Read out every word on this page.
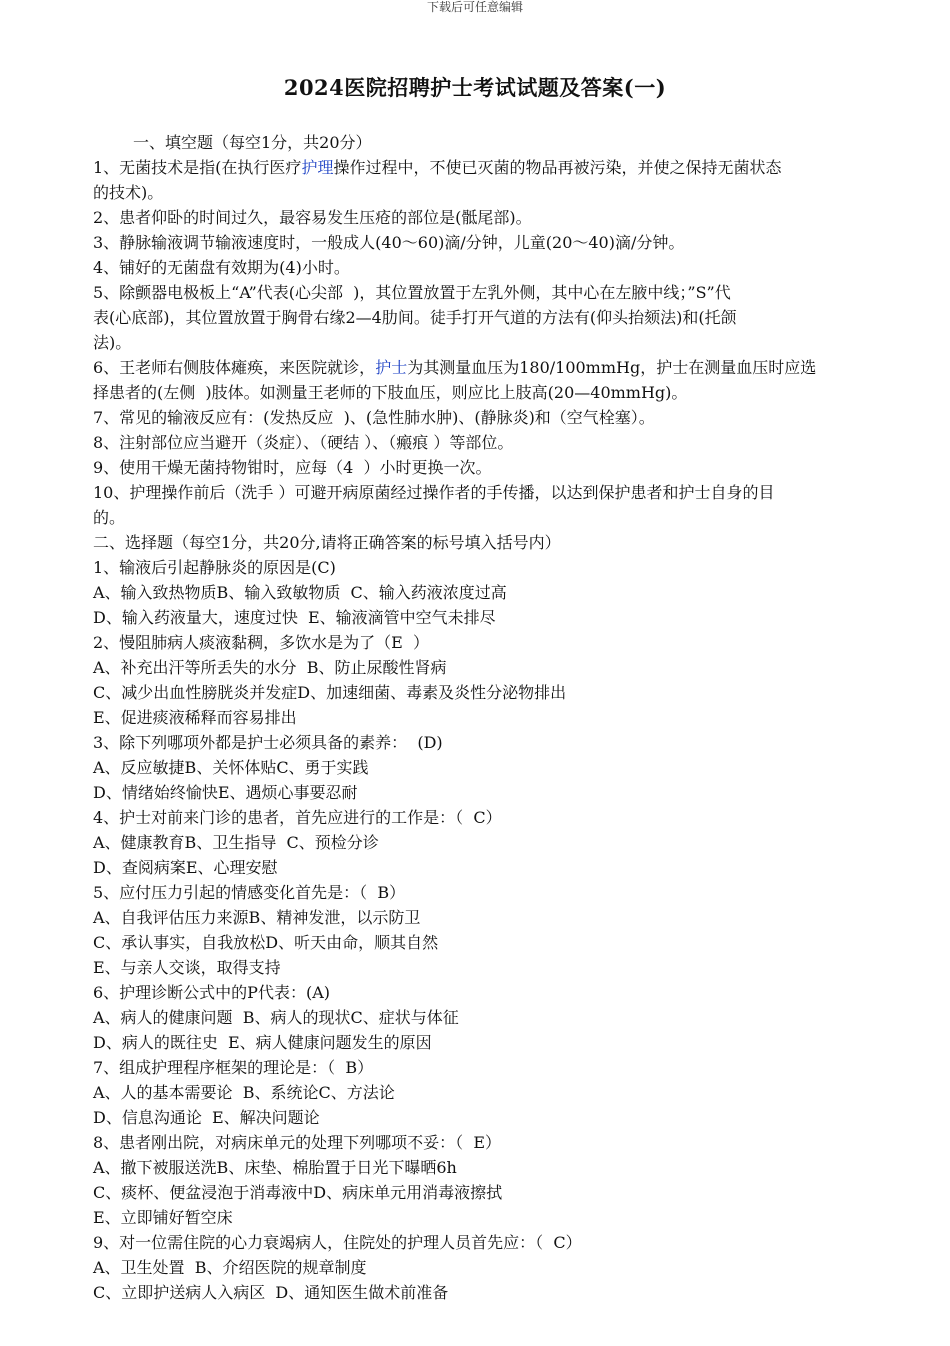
下载后可任意编辑
2024医院招聘护士考试试题及答案(一)
一、填空题（每空1分，共20分）
1、无菌技术是指(在执行医疗护理操作过程中，不使已灭菌的物品再被污染，并使之保持无菌状态
的技术)。
2、患者仰卧的时间过久，最容易发生压疮的部位是(骶尾部)。
3、静脉输液调节输液速度时，一般成人(40～60)滴/分钟，儿童(20～40)滴/分钟。
4、铺好的无菌盘有效期为(4)小时。
5、除颤器电极板上“A”代表(心尖部  )，其位置放置于左乳外侧，其中心在左腋中线；”S”代
表(心底部)，其位置放置于胸骨右缘2—4肋间。徒手打开气道的方法有(仰头抬颏法)和(托颌
法)。
6、王老师右侧肢体瘫痪，来医院就诊，护士为其测量血压为180/100mmHg，护士在测量血压时应选
择患者的(左侧  )肢体。如测量王老师的下肢血压，则应比上肢高(20—40mmHg)。
7、常见的输液反应有：(发热反应  )、(急性肺水肿)、(静脉炎)和（空气栓塞）。
8、注射部位应当避开（炎症）、（硬结 ）、（瘢痕 ）等部位。
9、使用干燥无菌持物钳时，应每（4  ）小时更换一次。
10、护理操作前后（洗手 ）可避开病原菌经过操作者的手传播，以达到保护患者和护士自身的目
的。
二、选择题（每空1分，共20分,请将正确答案的标号填入括号内）
1、输液后引起静脉炎的原因是(C)
A、输入致热物质B、输入致敏物质  C、输入药液浓度过高
D、输入药液量大，速度过快  E、输液滴管中空气未排尽
2、慢阻肺病人痰液黏稠，多饮水是为了（E  ）
A、补充出汗等所丢失的水分  B、防止尿酸性肾病
C、减少出血性膀胱炎并发症D、加速细菌、毒素及炎性分泌物排出
E、促进痰液稀释而容易排出
3、除下列哪项外都是护士必须具备的素养：  (D)
A、反应敏捷B、关怀体贴C、勇于实践
D、情绪始终愉快E、遇烦心事要忍耐
4、护士对前来门诊的患者，首先应进行的工作是：（  C）
A、健康教育B、卫生指导  C、预检分诊
D、查阅病案E、心理安慰
5、应付压力引起的情感变化首先是：（  B）
A、自我评估压力来源B、精神发泄，以示防卫
C、承认事实，自我放松D、听天由命，顺其自然
E、与亲人交谈，取得支持
6、护理诊断公式中的P代表：(A)
A、病人的健康问题  B、病人的现状C、症状与体征
D、病人的既往史  E、病人健康问题发生的原因
7、组成护理程序框架的理论是：（  B）
A、人的基本需要论  B、系统论C、方法论
D、信息沟通论  E、解决问题论
8、患者刚出院，对病床单元的处理下列哪项不妥：（  E）
A、撤下被服送洗B、床垫、棉胎置于日光下曝晒6h
C、痰杯、便盆浸泡于消毒液中D、病床单元用消毒液擦拭
E、立即铺好暂空床
9、对一位需住院的心力衰竭病人，住院处的护理人员首先应：（  C）
A、卫生处置  B、介绍医院的规章制度
C、立即护送病人入病区  D、通知医生做术前准备
